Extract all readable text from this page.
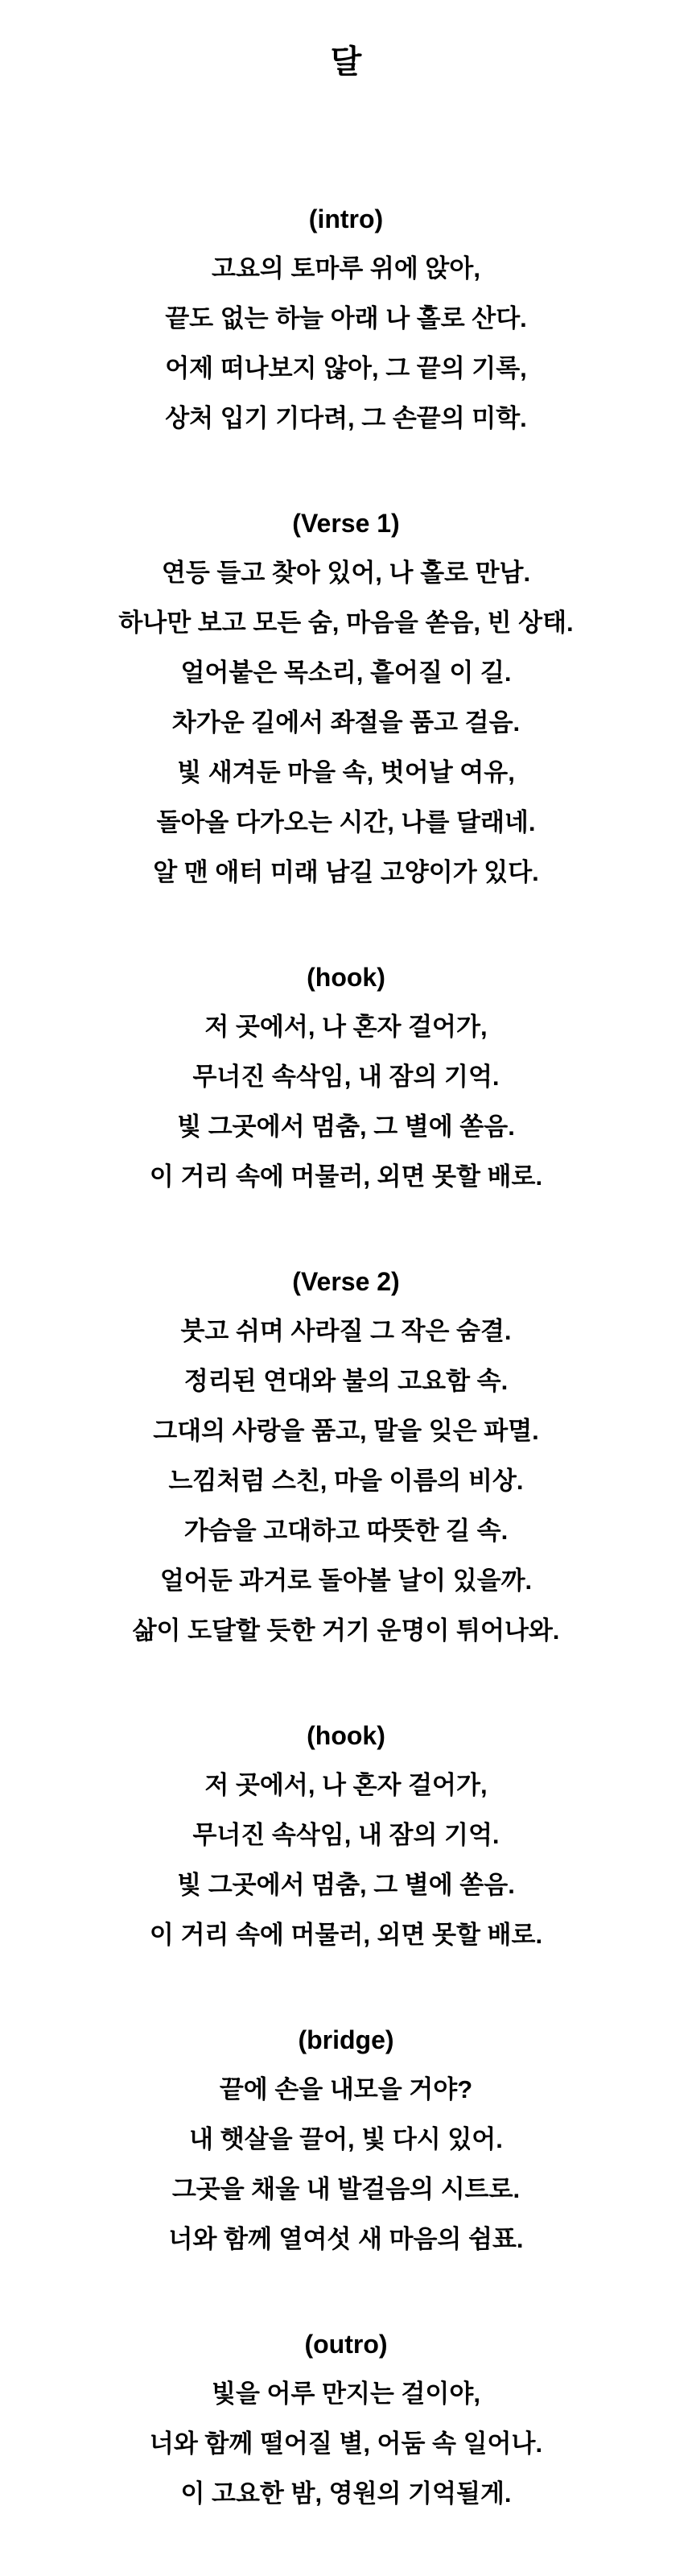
달
(intro)
고요의 토마루 위에 앉아,
끝도 없는 하늘 아래 나 홀로 산다.
어제 떠나보지 않아, 그 끝의 기록,
상처 입기 기다려, 그 손끝의 미학.
(Verse 1)
연등 들고 찾아 있어, 나 홀로 만남.
하나만 보고 모든 숨, 마음을 쏟음, 빈 상태.
얼어붙은 목소리, 흩어질 이 길.
차가운 길에서 좌절을 품고 걸음.
빛 새겨둔 마을 속, 벗어날 여유,
돌아올 다가오는 시간, 나를 달래네.
알 맨 애터 미래 남길 고양이가 있다.
(hook)
저 곳에서, 나 혼자 걸어가,
무너진 속삭임, 내 잠의 기억.
빛 그곳에서 멈춤, 그 별에 쏟음.
이 거리 속에 머물러, 외면 못할 배로.
(Verse 2)
붓고 쉬며 사라질 그 작은 숨결.
정리된 연대와 불의 고요함 속.
그대의 사랑을 품고, 말을 잊은 파멸.
느낌처럼 스친, 마을 이름의 비상.
가슴을 고대하고 따뜻한 길 속.
얼어둔 과거로 돌아볼 날이 있을까.
삶이 도달할 듯한 거기 운명이 튀어나와.
(hook)
저 곳에서, 나 혼자 걸어가,
무너진 속삭임, 내 잠의 기억.
빛 그곳에서 멈춤, 그 별에 쏟음.
이 거리 속에 머물러, 외면 못할 배로.
(bridge)
끝에 손을 내모을 거야?
내 햇살을 끌어, 빛 다시 있어.
그곳을 채울 내 발걸음의 시트로.
너와 함께 열여섯 새 마음의 쉼표.
(outro)
빛을 어루 만지는 걸이야,
너와 함께 떨어질 별, 어둠 속 일어나.
이 고요한 밤, 영원의 기억될게.
